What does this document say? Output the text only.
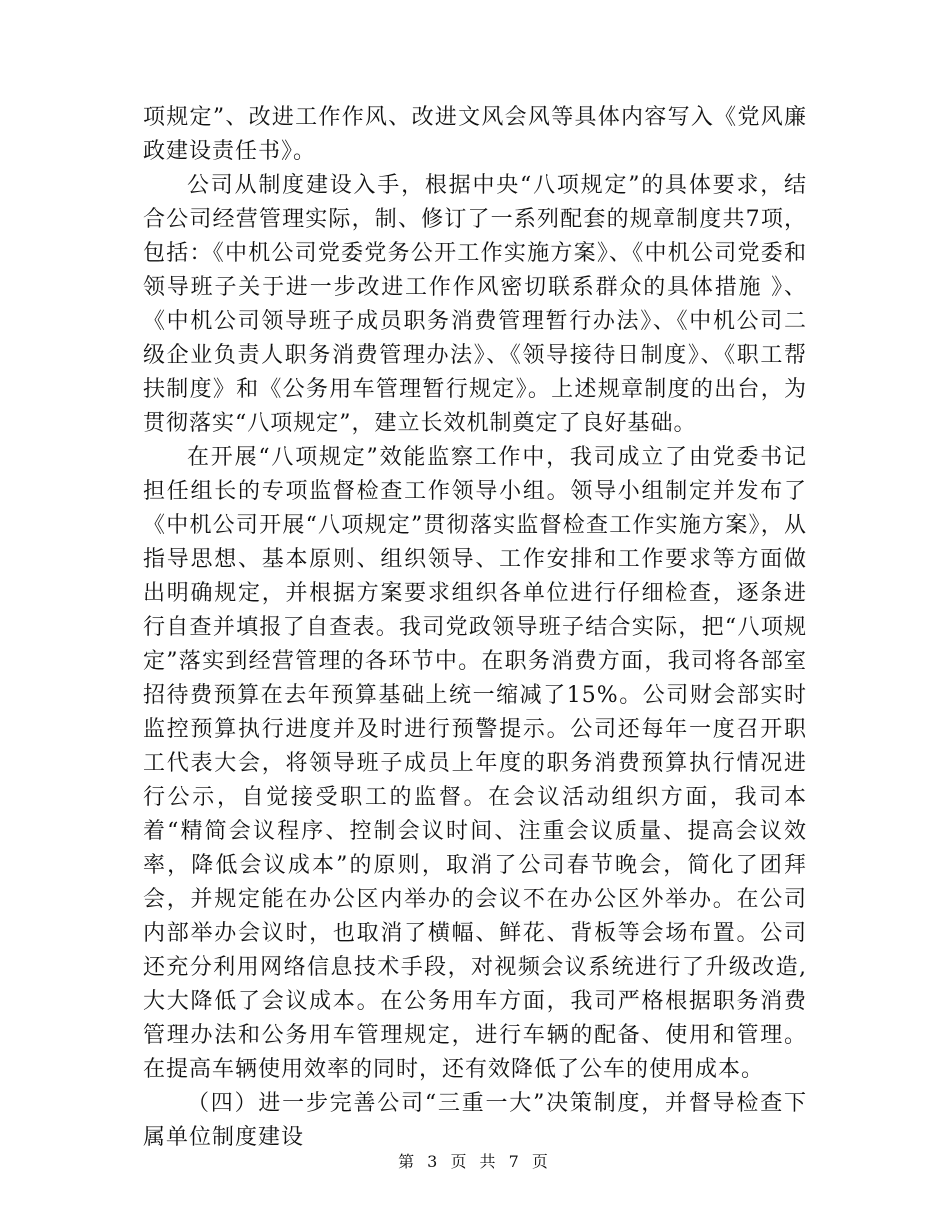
项规定”、改进工作作风、改进文风会风等具体内容写入《党风廉政建设责任书》。

公司从制度建设入手，根据中央“八项规定”的具体要求，结合公司经营管理实际，制、修订了一系列配套的规章制度共7项，包括：《中机公司党委党务公开工作实施方案》、《中机公司党委和领导班子关于进一步改进工作作风密切联系群众的具体措施 》、《中机公司领导班子成员职务消费管理暂行办法》、《中机公司二级企业负责人职务消费管理办法》、《领导接待日制度》、《职工帮扶制度》和《公务用车管理暂行规定》。上述规章制度的出台，为贯彻落实“八项规定”，建立长效机制奠定了良好基础。

在开展“八项规定”效能监察工作中，我司成立了由党委书记担任组长的专项监督检查工作领导小组。领导小组制定并发布了《中机公司开展“八项规定”贯彻落实监督检查工作实施方案》，从指导思想、基本原则、组织领导、工作安排和工作要求等方面做出明确规定，并根据方案要求组织各单位进行仔细检查，逐条进行自查并填报了自查表。我司党政领导班子结合实际，把“八项规定”落实到经营管理的各环节中。在职务消费方面，我司将各部室招待费预算在去年预算基础上统一缩减了15%。公司财会部实时监控预算执行进度并及时进行预警提示。公司还每年一度召开职工代表大会，将领导班子成员上年度的职务消费预算执行情况进行公示，自觉接受职工的监督。在会议活动组织方面，我司本着“精简会议程序、控制会议时间、注重会议质量、提高会议效率，降低会议成本”的原则，取消了公司春节晚会，简化了团拜会，并规定能在办公区内举办的会议不在办公区外举办。在公司内部举办会议时，也取消了横幅、鲜花、背板等会场布置。公司还充分利用网络信息技术手段，对视频会议系统进行了升级改造,大大降低了会议成本。在公务用车方面，我司严格根据职务消费管理办法和公务用车管理规定，进行车辆的配备、使用和管理。在提高车辆使用效率的同时，还有效降低了公车的使用成本。

（四）进一步完善公司“三重一大”决策制度，并督导检查下属单位制度建设

第 3 页 共 7 页
